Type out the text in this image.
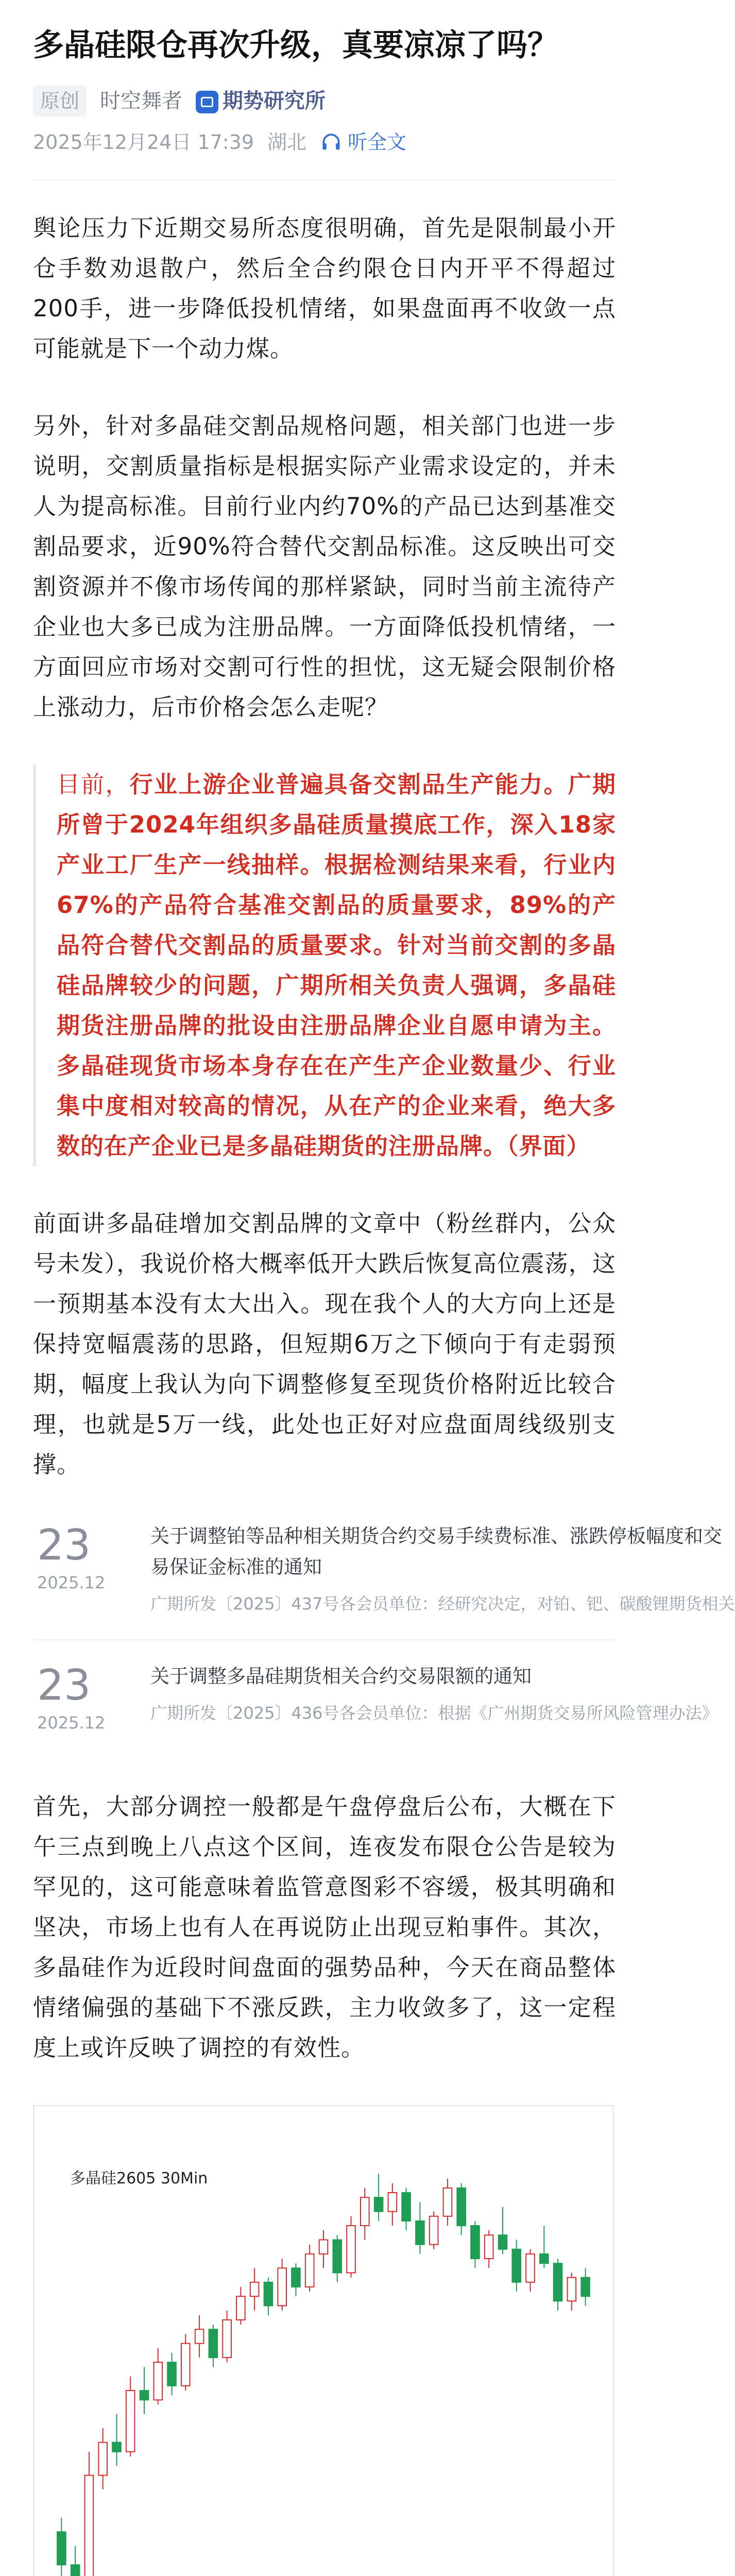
多晶硅限仓再次升级，真要凉凉了吗？
原创	时空舞者	期势研究所
2025年12月24日 17:39 湖北 听全文

舆论压力下近期交易所态度很明确，首先是限制最小开仓手数劝退散户，然后全合约限仓日内开平不得超过200手，进一步降低投机情绪，如果盘面再不收敛一点可能就是下一个动力煤。

另外，针对多晶硅交割品规格问题，相关部门也进一步说明，交割质量指标是根据实际产业需求设定的，并未人为提高标准。目前行业内约70%的产品已达到基准交割品要求，近90%符合替代交割品标准。这反映出可交割资源并不像市场传闻的那样紧缺，同时当前主流待产企业也大多已成为注册品牌。一方面降低投机情绪，一方面回应市场对交割可行性的担忧，这无疑会限制价格上涨动力，后市价格会怎么走呢？

目前，行业上游企业普遍具备交割品生产能力。广期所曾于2024年组织多晶硅质量摸底工作，深入18家产业工厂生产一线抽样。根据检测结果来看，行业内67%的产品符合基准交割品的质量要求，89%的产品符合替代交割品的质量要求。针对当前交割的多晶硅品牌较少的问题，广期所相关负责人强调，多晶硅期货注册品牌的批设由注册品牌企业自愿申请为主。多晶硅现货市场本身存在在产生产企业数量少、行业集中度相对较高的情况，从在产的企业来看，绝大多数的在产企业已是多晶硅期货的注册品牌。（界面）

前面讲多晶硅增加交割品牌的文章中（粉丝群内，公众号未发），我说价格大概率低开大跌后恢复高位震荡，这一预期基本没有太大出入。现在我个人的大方向上还是保持宽幅震荡的思路，但短期6万之下倾向于有走弱预期，幅度上我认为向下调整修复至现货价格附近比较合理，也就是5万一线，此处也正好对应盘面周线级别支撑。

23
2025.12

关于调整铂等品种相关期货合约交易手续费标准、涨跌停板幅度和交易保证金标准的通知

广期所发〔2025〕437号各会员单位：经研究决定，对铂、钯、碳酸锂期货相关
23
2025.12

关于调整多晶硅期货相关合约交易限额的通知

广期所发〔2025〕436号各会员单位：根据《广州期货交易所风险管理办法》

首先，大部分调控一般都是午盘停盘后公布，大概在下午三点到晚上八点这个区间，连夜发布限仓公告是较为罕见的，这可能意味着监管意图彩不容缓，极其明确和坚决，市场上也有人在再说防止出现豆粕事件。其次，多晶硅作为近段时间盘面的强势品种，今天在商品整体情绪偏强的基础下不涨反跌，主力收敛多了，这一定程度上或许反映了调控的有效性。

多晶硅2605 30Min
